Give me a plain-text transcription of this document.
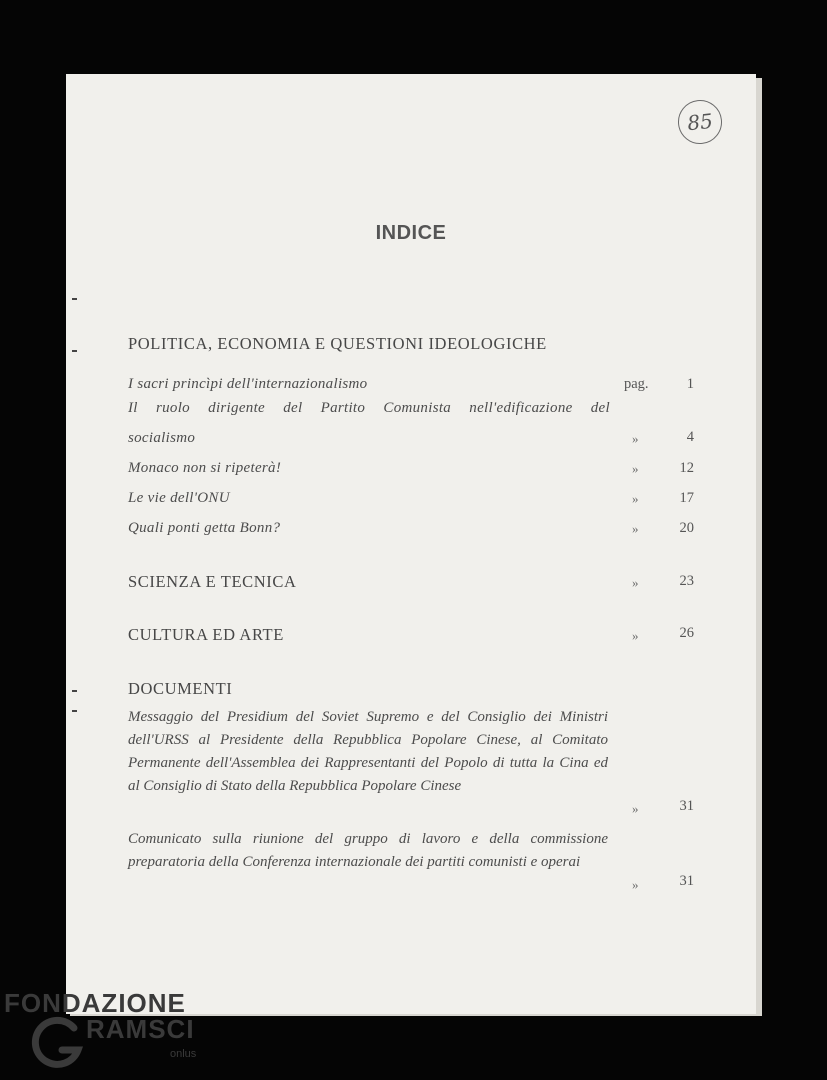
85
INDICE
POLITICA, ECONOMIA E QUESTIONI IDEOLOGICHE
I sacri princìpi dell'internazionalismo	pag.	1
Il ruolo dirigente del Partito Comunista nell'edificazione del
socialismo	»	4
Monaco non si ripeterà!	»	12
Le vie dell'ONU	»	17
Quali ponti getta Bonn?	»	20
SCIENZA E TECNICA	»	23
CULTURA ED ARTE	»	26
DOCUMENTI
Messaggio del Presidium del Soviet Supremo e del Consiglio dei Ministri dell'URSS al Presidente della Repubblica Popolare Cinese, al Comitato Permanente dell'Assemblea dei Rappresentanti del Popolo di tutta la Cina ed al Consiglio di Stato della Repubblica Popolare Cinese
»	31
Comunicato sulla riunione del gruppo di lavoro e della commissione preparatoria della Conferenza internazionale dei partiti comunisti e operai
»	31
FONDAZIONE
RAMSCI
onlus
